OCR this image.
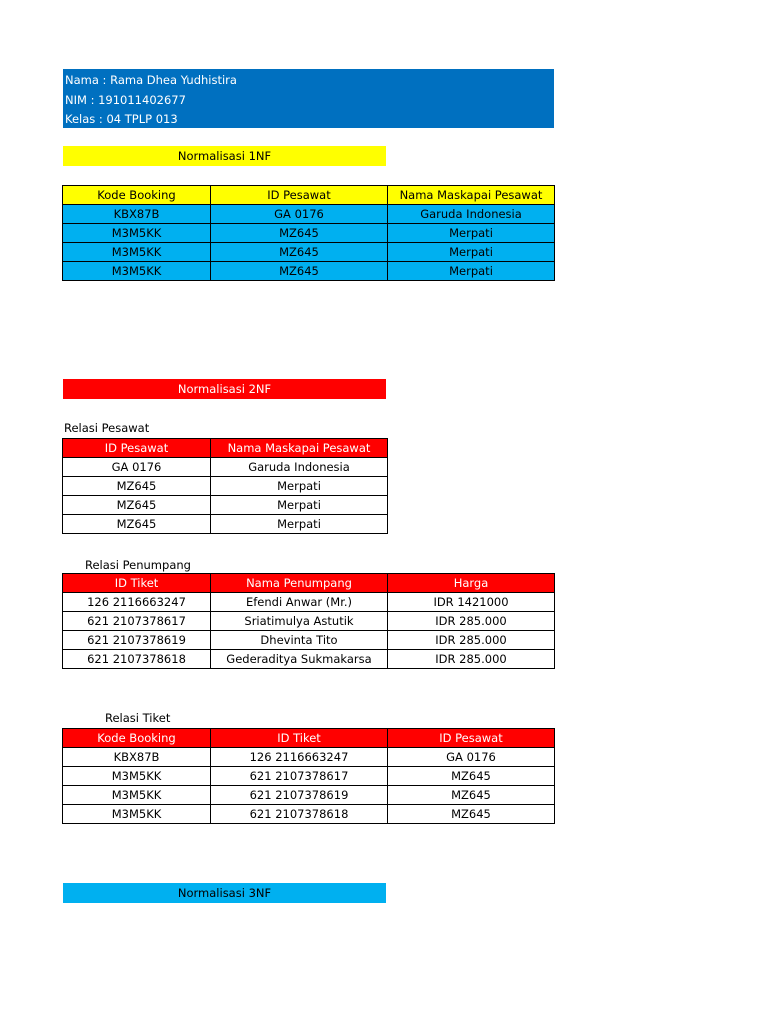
Nama : Rama Dhea Yudhistira
NIM : 191011402677
Kelas : 04 TPLP 013
Normalisasi 1NF
Kode Booking	ID Pesawat	Nama Maskapai Pesawat
KBX87B	GA 0176	Garuda Indonesia
M3M5KK	MZ645	Merpati
M3M5KK	MZ645	Merpati
M3M5KK	MZ645	Merpati
Normalisasi 2NF
Relasi Pesawat
ID Pesawat	Nama Maskapai Pesawat
GA 0176	Garuda Indonesia
MZ645	Merpati
MZ645	Merpati
MZ645	Merpati
Relasi Penumpang
ID Tiket	Nama Penumpang	Harga
126 2116663247	Efendi Anwar (Mr.)	IDR 1421000
621 2107378617	Sriatimulya Astutik	IDR 285.000
621 2107378619	Dhevinta Tito	IDR 285.000
621 2107378618	Gederaditya Sukmakarsa	IDR 285.000
Relasi Tiket
Kode Booking	ID Tiket	ID Pesawat
KBX87B	126 2116663247	GA 0176
M3M5KK	621 2107378617	MZ645
M3M5KK	621 2107378619	MZ645
M3M5KK	621 2107378618	MZ645
Normalisasi 3NF
